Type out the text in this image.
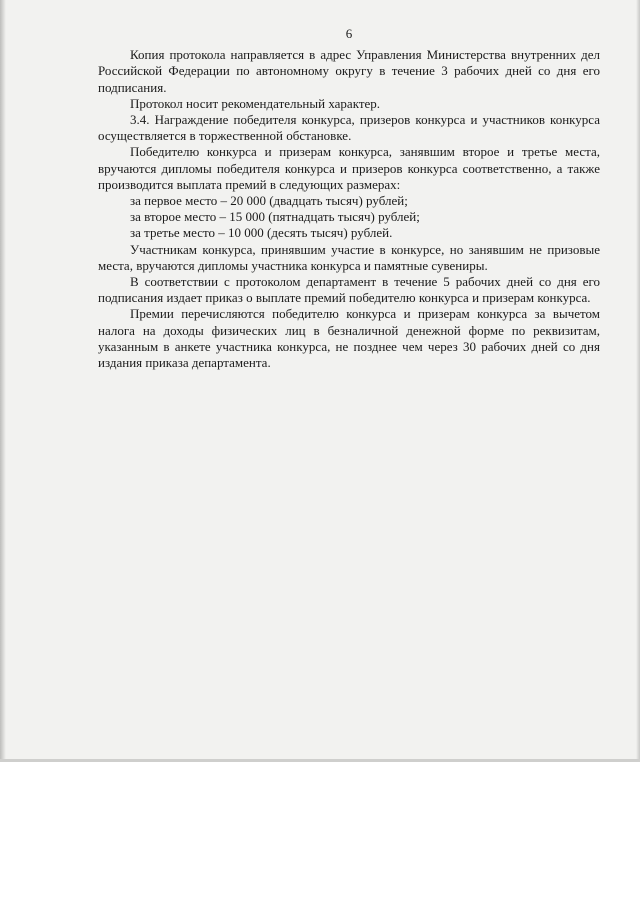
6

Копия протокола направляется в адрес Управления Министерства внутренних дел Российской Федерации по автономному округу в течение 3 рабочих дней со дня его подписания.

Протокол носит рекомендательный характер.

3.4. Награждение победителя конкурса, призеров конкурса и участников конкурса осуществляется в торжественной обстановке.

Победителю конкурса и призерам конкурса, занявшим второе и третье места, вручаются дипломы победителя конкурса и призеров конкурса соответственно, а также производится выплата премий в следующих размерах:

за первое место – 20 000 (двадцать тысяч) рублей;

за второе место – 15 000 (пятнадцать тысяч) рублей;

за третье место – 10 000 (десять тысяч) рублей.

Участникам конкурса, принявшим участие в конкурсе, но занявшим не призовые места, вручаются дипломы участника конкурса и памятные сувениры.

В соответствии с протоколом департамент в течение 5 рабочих дней со дня его подписания издает приказ о выплате премий победителю конкурса и призерам конкурса.

Премии перечисляются победителю конкурса и призерам конкурса за вычетом налога на доходы физических лиц в безналичной денежной форме по реквизитам, указанным в анкете участника конкурса, не позднее чем через 30 рабочих дней со дня издания приказа департамента.
